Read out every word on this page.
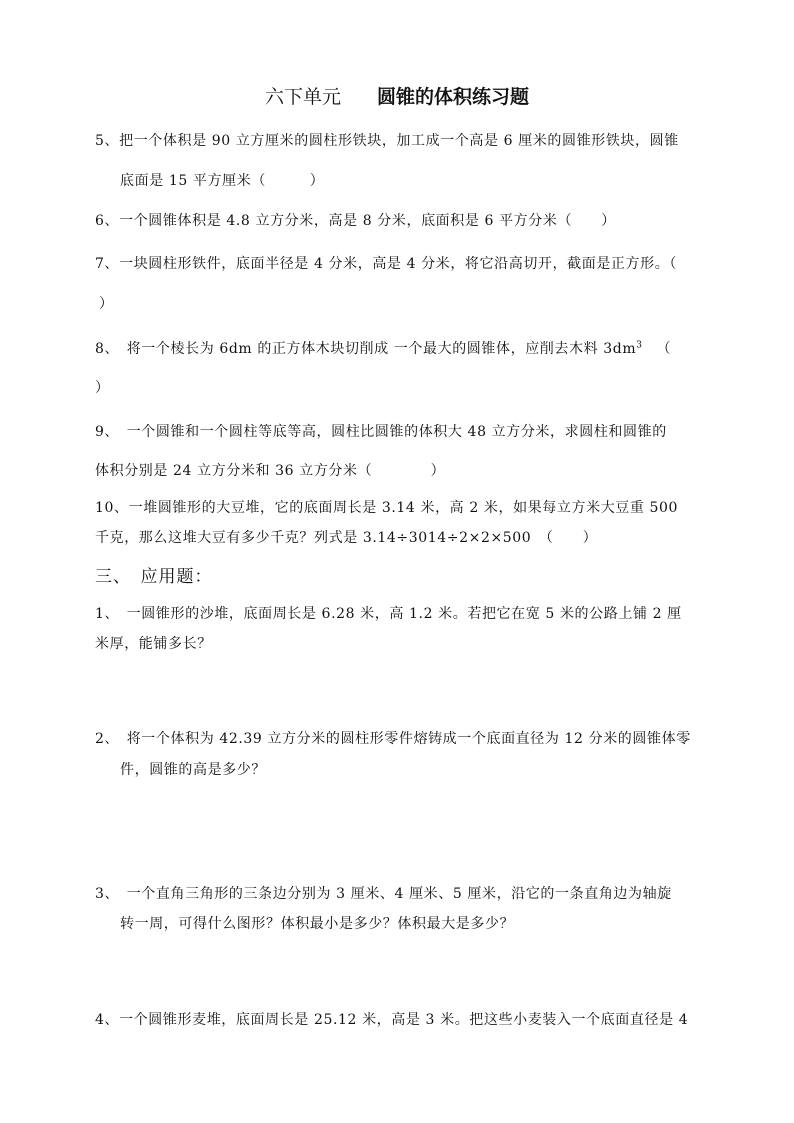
六下单元 圆锥的体积练习题
5、把一个体积是 90 立方厘米的圆柱形铁块，加工成一个高是 6 厘米的圆锥形铁块，圆锥
底面是 15 平方厘米（　　　）
6、一个圆锥体积是 4.8 立方分米，高是 8 分米，底面积是 6 平方分米（　　）
7、一块圆柱形铁件，底面半径是 4 分米，高是 4 分米，将它沿高切开，截面是正方形。（
）
8、　将一个棱长为 6dm 的正方体木块切削成 一个最大的圆锥体，应削去木料 $3dm^3$ （
）
9、　一个圆锥和一个圆柱等底等高，圆柱比圆锥的体积大 48 立方分米，求圆柱和圆锥的
体积分别是 24 立方分米和 36 立方分米（　　　　）
10、一堆圆锥形的大豆堆，它的底面周长是 3.14 米，高 2 米，如果每立方米大豆重 500
千克，那么这堆大豆有多少千克？列式是 3.14÷3014÷2×2×500　（　　）
三、　应用题：
1、　一圆锥形的沙堆，底面周长是 6.28 米，高 1.2 米。若把它在宽 5 米的公路上铺 2 厘
米厚，能铺多长？
2、　将一个体积为 42.39 立方分米的圆柱形零件熔铸成一个底面直径为 12 分米的圆锥体零
件，圆锥的高是多少？
3、　一个直角三角形的三条边分别为 3 厘米、4 厘米、5 厘米，沿它的一条直角边为轴旋
转一周，可得什么图形？体积最小是多少？体积最大是多少？
4、一个圆锥形麦堆，底面周长是 25.12 米，高是 3 米。把这些小麦装入一个底面直径是 4
